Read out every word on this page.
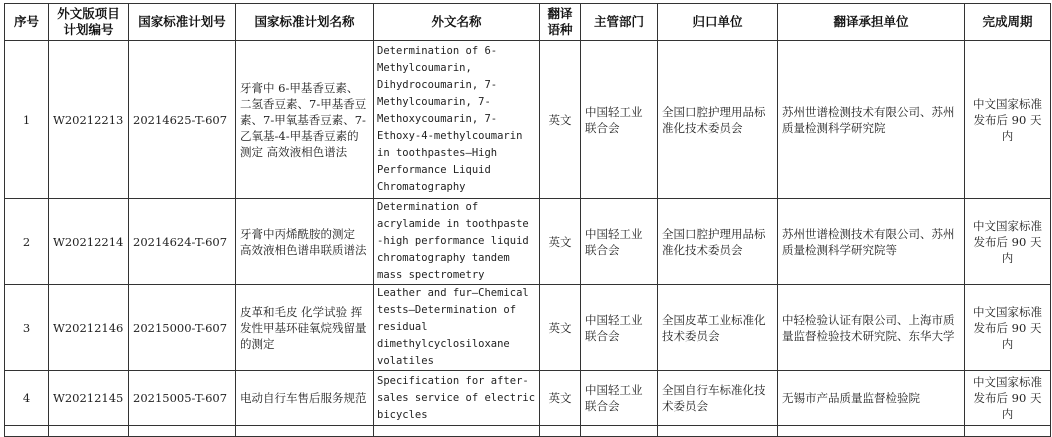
序号	外文版项目计划编号	国家标准计划号	国家标准计划名称	外文名称	翻译语种	主管部门	归口单位	翻译承担单位	完成周期
1	W20212213	20214625-T-607	牙膏中 6-甲基香豆素、二氢香豆素、7-甲基香豆素、7-甲氧基香豆素、7-乙氧基-4-甲基香豆素的测定 高效液相色谱法	Determination of 6-Methylcoumarin, Dihydrocoumarin, 7-Methylcoumarin, 7-Methoxycoumarin, 7-Ethoxy-4-methylcoumarin in toothpastes—High Performance Liquid Chromatography	英文	中国轻工业联合会	全国口腔护理用品标准化技术委员会	苏州世谱检测技术有限公司、苏州质量检测科学研究院	中文国家标准发布后 90 天内
2	W20212214	20214624-T-607	牙膏中丙烯酰胺的测定 高效液相色谱串联质谱法	Determination of acrylamide in toothpaste -high performance liquid chromatography tandem mass spectrometry	英文	中国轻工业联合会	全国口腔护理用品标准化技术委员会	苏州世谱检测技术有限公司、苏州质量检测科学研究院等	中文国家标准发布后 90 天内
3	W20212146	20215000-T-607	皮革和毛皮 化学试验 挥发性甲基环硅氧烷残留量的测定	Leather and fur—Chemical tests—Determination of residual dimethylcyclosiloxane volatiles	英文	中国轻工业联合会	全国皮革工业标准化技术委员会	中轻检验认证有限公司、上海市质量监督检验技术研究院、东华大学	中文国家标准发布后 90 天内
4	W20212145	20215005-T-607	电动自行车售后服务规范	Specification for after-sales service of electric bicycles	英文	中国轻工业联合会	全国自行车标准化技术委员会	无锡市产品质量监督检验院	中文国家标准发布后 90 天内
